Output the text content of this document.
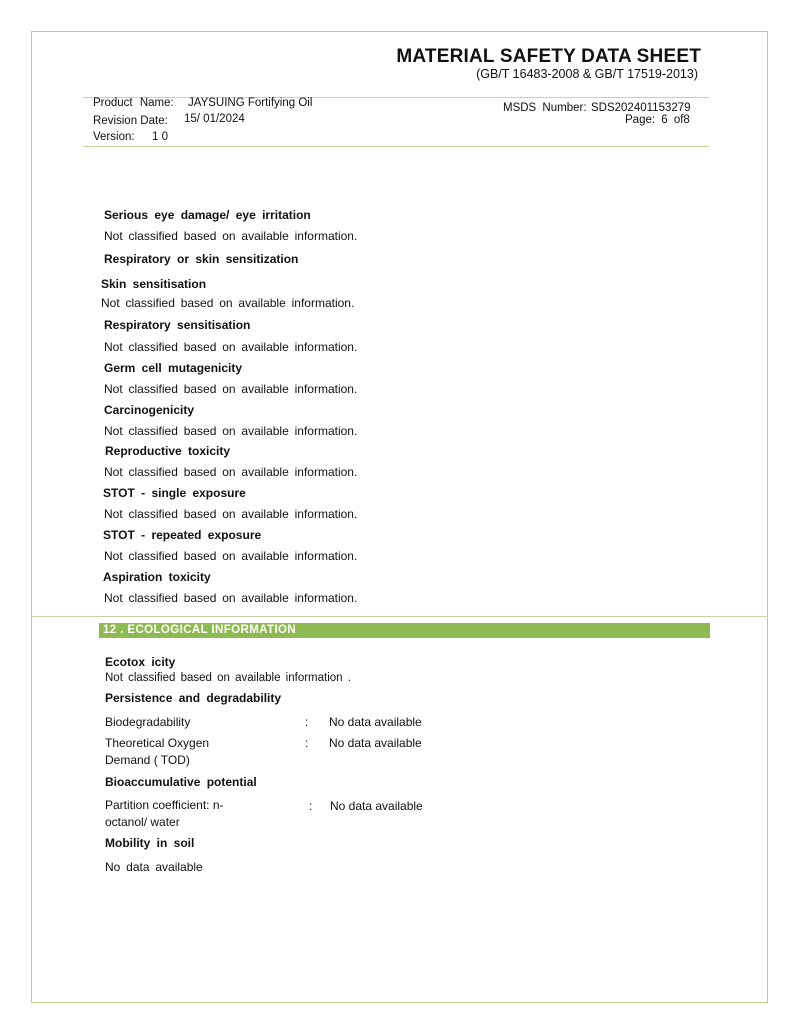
MATERIAL SAFETY DATA SHEET
(GB/T 16483-2008 & GB/T 17519-2013)
Product Name: JAYSUING Fortifying Oil
Revision Date: 15/ 01/2024
Version: 1 0
MSDS Number: SDS202401153279
Page: 6 of8
Serious eye damage/ eye irritation
Not classified based on available information.
Respiratory or skin sensitization
Skin sensitisation
Not classified based on available information.
Respiratory sensitisation
Not classified based on available information.
Germ cell mutagenicity
Not classified based on available information.
Carcinogenicity
Not classified based on available information.
Reproductive toxicity
Not classified based on available information.
STOT - single exposure
Not classified based on available information.
STOT - repeated exposure
Not classified based on available information.
Aspiration toxicity
Not classified based on available information.
12 . ECOLOGICAL INFORMATION
Ecotox icity
Not classified based on available information .
Persistence and degradability
Biodegradability	: No data available
Theoretical Oxygen Demand ( TOD)
: No data available
Bioaccumulative potential
Partition coefficient: n- octanol/ water
: No data available
Mobility in soil
No data available
